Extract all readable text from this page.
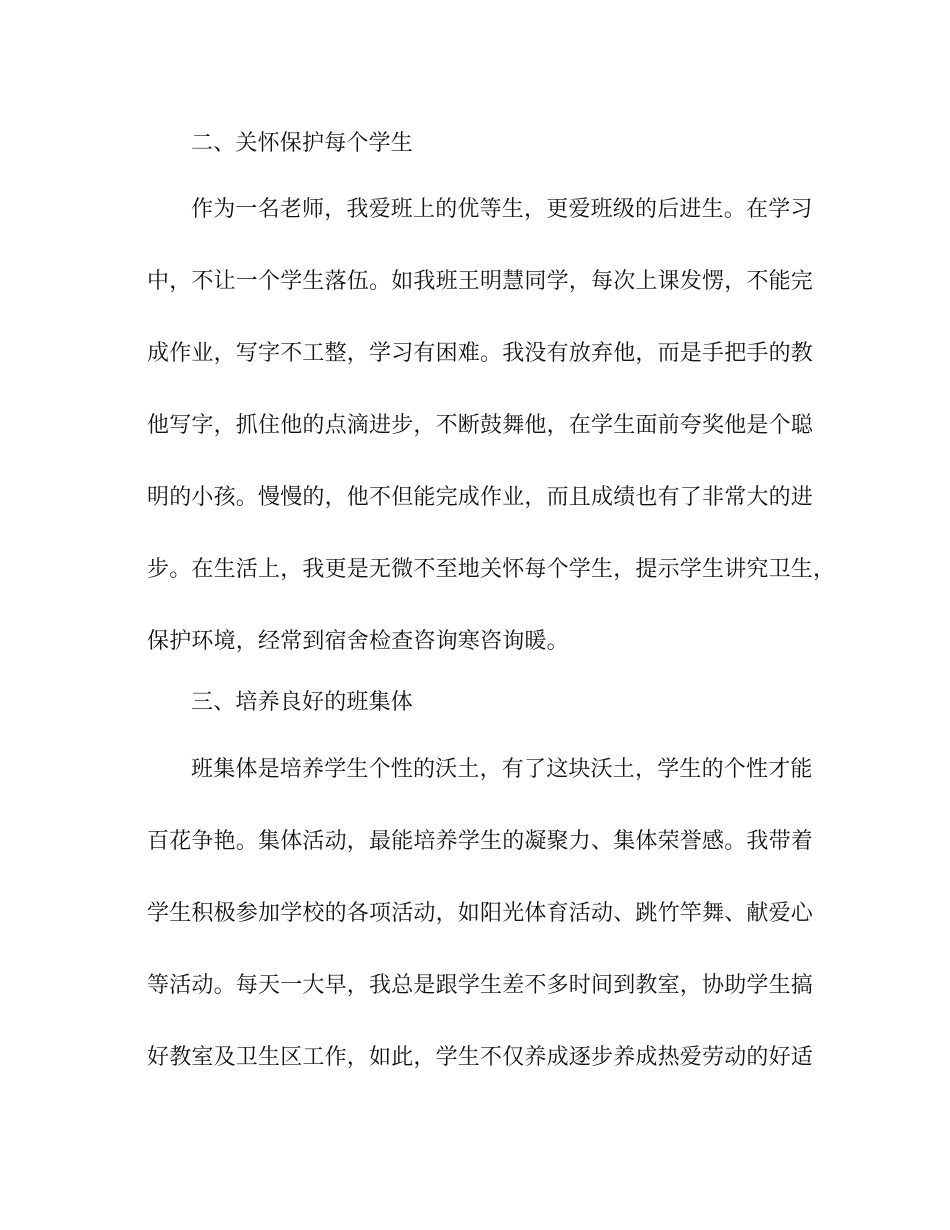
二、关怀保护每个学生
作为一名老师，我爱班上的优等生，更爱班级的后进生。在学习
中，不让一个学生落伍。如我班王明慧同学，每次上课发愣，不能完
成作业，写字不工整，学习有困难。我没有放弃他，而是手把手的教
他写字，抓住他的点滴进步，不断鼓舞他，在学生面前夸奖他是个聪
明的小孩。慢慢的，他不但能完成作业，而且成绩也有了非常大的进
步。在生活上，我更是无微不至地关怀每个学生，提示学生讲究卫生，
保护环境，经常到宿舍检查咨询寒咨询暖。
三、培养良好的班集体
班集体是培养学生个性的沃土，有了这块沃土，学生的个性才能
百花争艳。集体活动，最能培养学生的凝聚力、集体荣誉感。我带着
学生积极参加学校的各项活动，如阳光体育活动、跳竹竿舞、献爱心
等活动。每天一大早，我总是跟学生差不多时间到教室，协助学生搞
好教室及卫生区工作，如此，学生不仅养成逐步养成热爱劳动的好适
